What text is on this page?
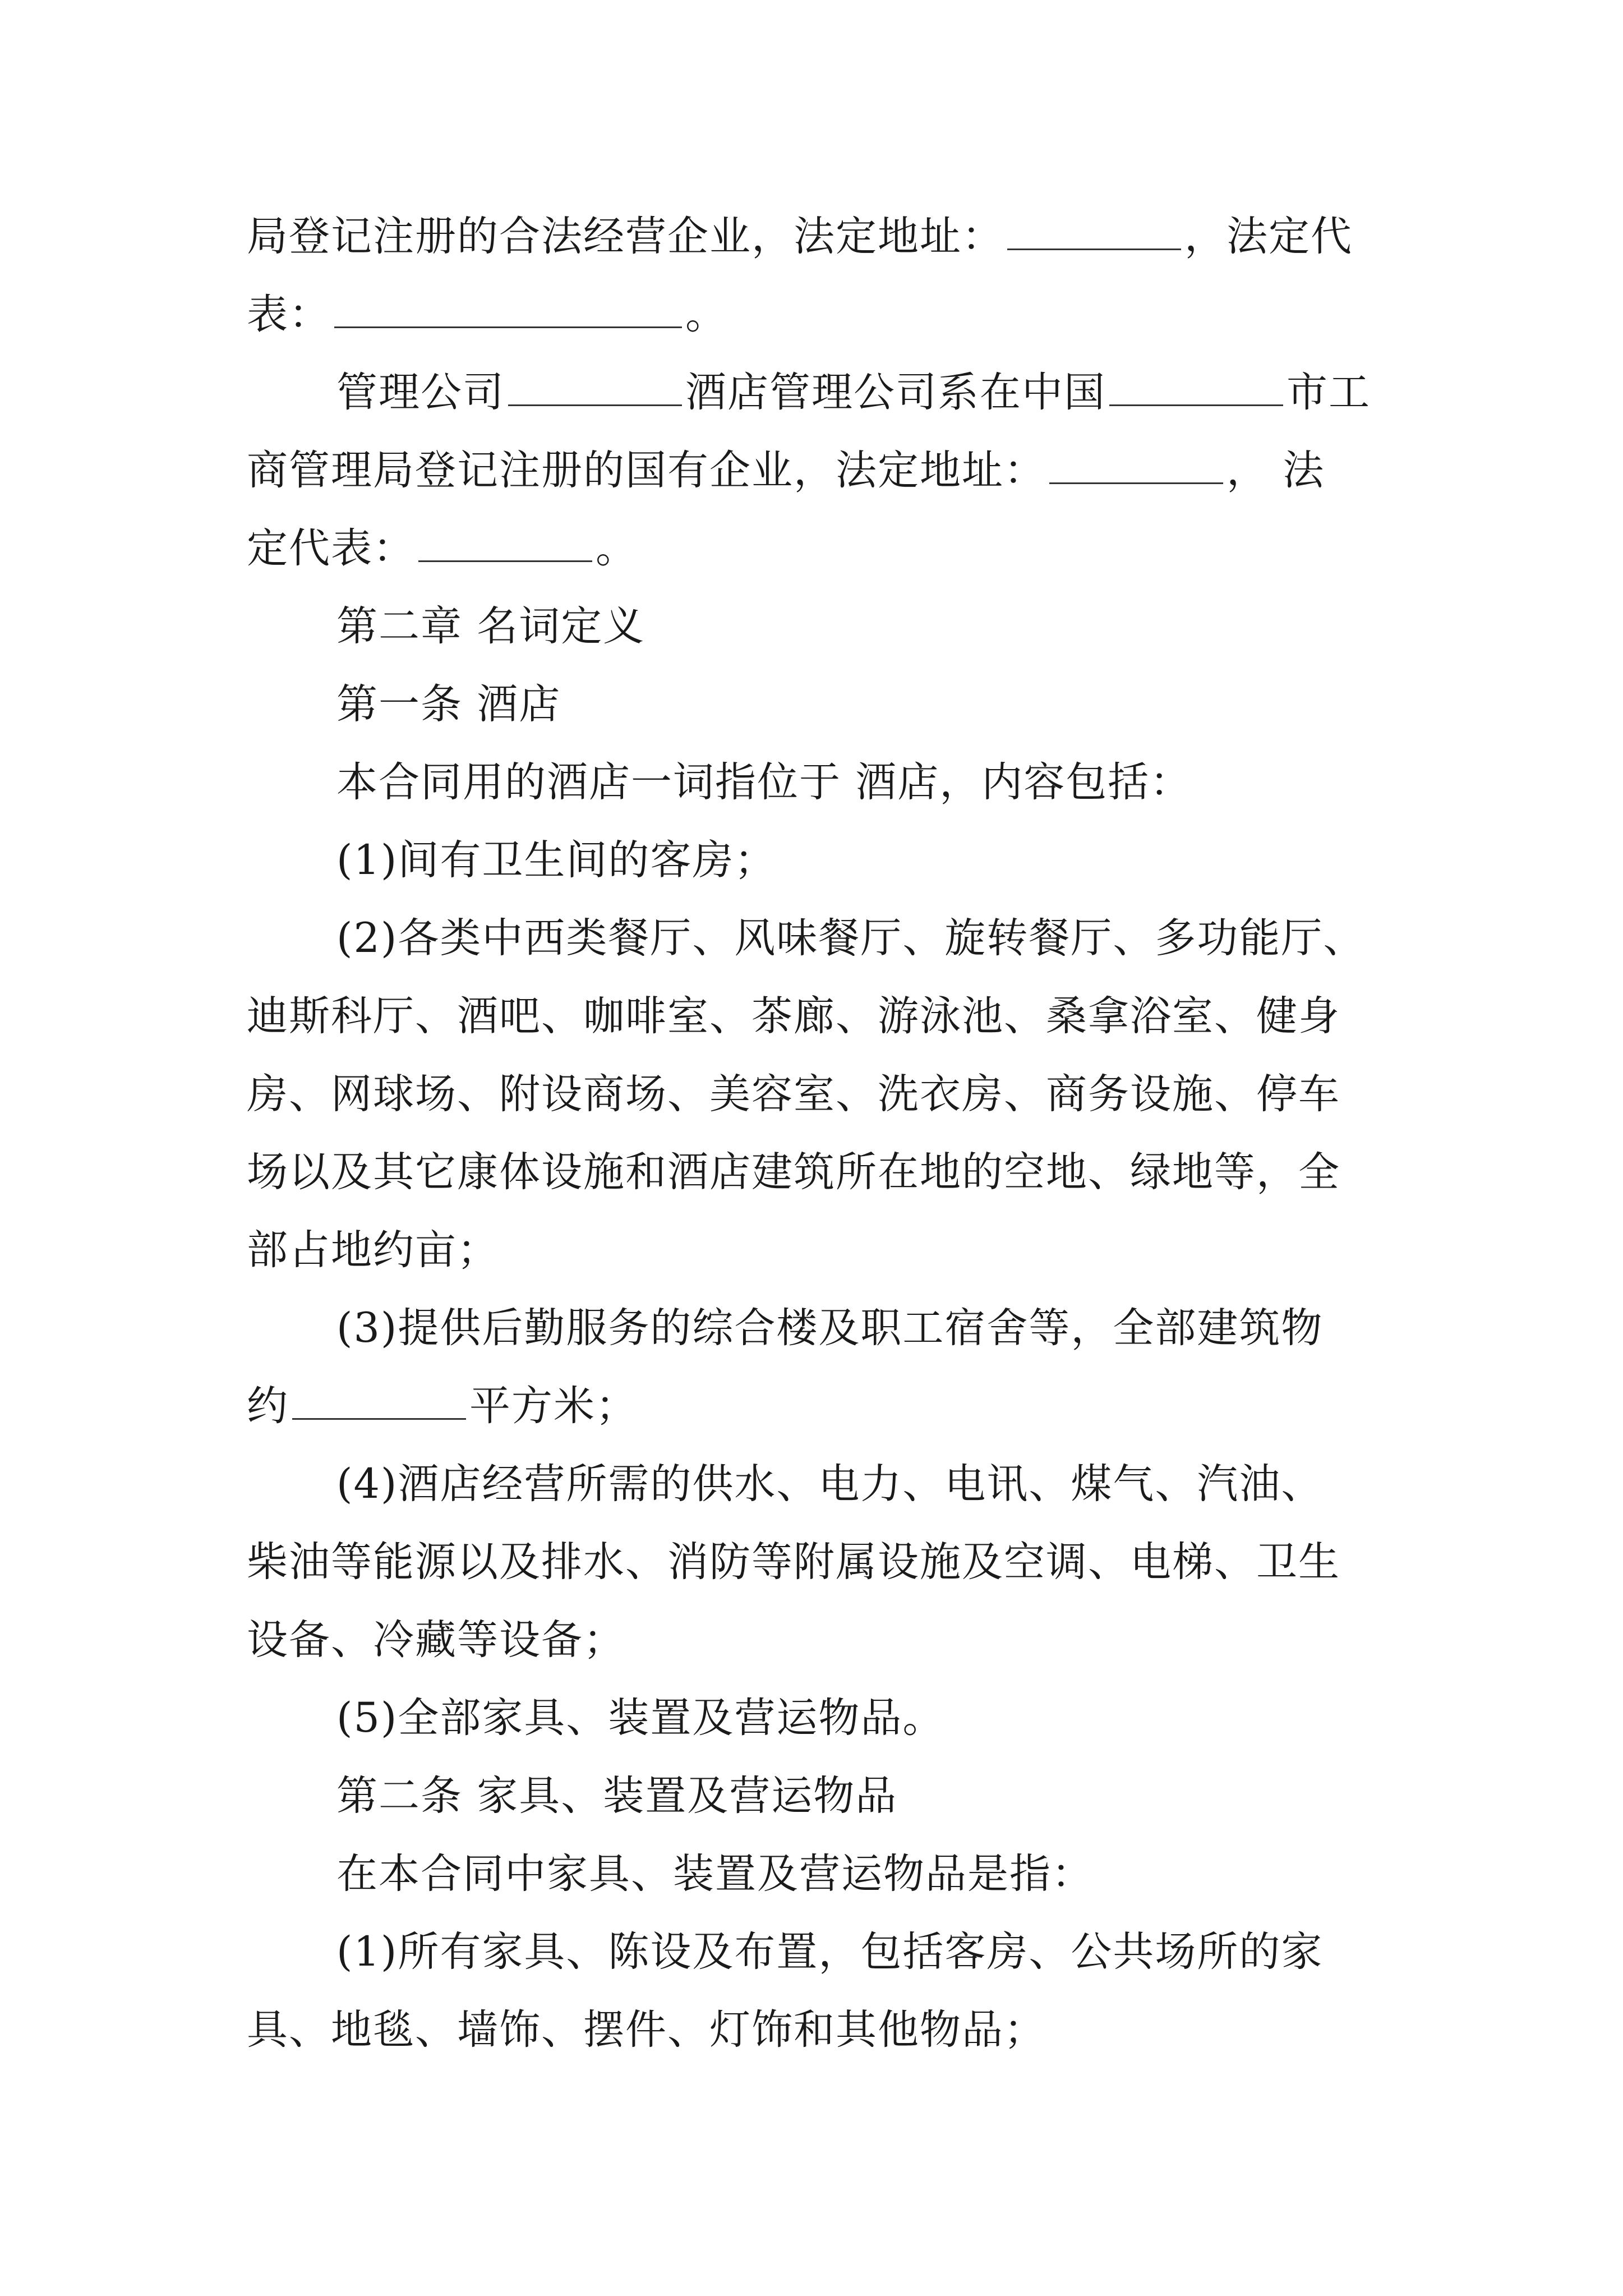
局登记注册的合法经营企业，法定地址：	，法定代
表：	。
管理公司	酒店管理公司系在中国	市工
商管理局登记注册的国有企业，法定地址：	， 法
定代表：	。
第二章 名词定义
第一条 酒店
本合同用的酒店一词指位于 酒店，内容包括：
(1)间有卫生间的客房；
(2)各类中西类餐厅、风味餐厅、旋转餐厅、多功能厅、
迪斯科厅、酒吧、咖啡室、茶廊、游泳池、桑拿浴室、健身
房、网球场、附设商场、美容室、洗衣房、商务设施、停车
场以及其它康体设施和酒店建筑所在地的空地、绿地等，全
部占地约亩；
(3)提供后勤服务的综合楼及职工宿舍等，全部建筑物
约	平方米；
(4)酒店经营所需的供水、电力、电讯、煤气、汽油、
柴油等能源以及排水、消防等附属设施及空调、电梯、卫生
设备、冷藏等设备；
(5)全部家具、装置及营运物品。
第二条 家具、装置及营运物品
在本合同中家具、装置及营运物品是指：
(1)所有家具、陈设及布置，包括客房、公共场所的家
具、地毯、墙饰、摆件、灯饰和其他物品；
